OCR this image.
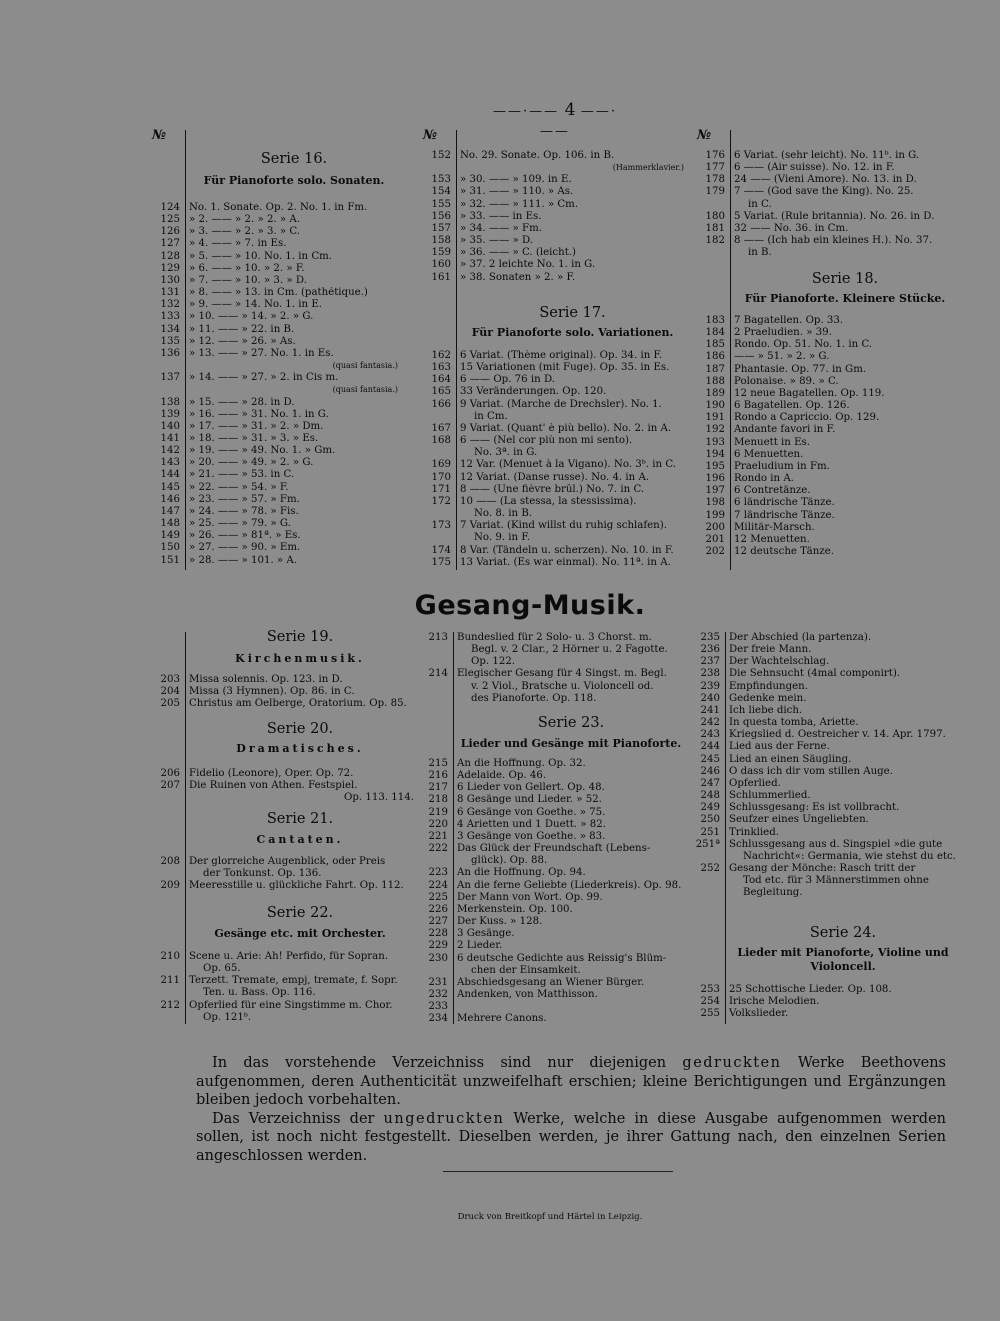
——·—— 4 ——·——
№
Serie 16.
Für Pianoforte solo. Sonaten.
124 No. 1. Sonate. Op. 2. No. 1. in Fm.
125 » 2. —— » 2. » 2. » A.
126 » 3. —— » 2. » 3. » C.
127 » 4. —— » 7. in Es.
128 » 5. —— » 10. No. 1. in Cm.
129 » 6. —— » 10. » 2. » F.
130 » 7. —— » 10. » 3. » D.
131 » 8. —— » 13. in Cm. (pathétique.)
132 » 9. —— » 14. No. 1. in E.
133 » 10. —— » 14. » 2. » G.
134 » 11. —— » 22. in B.
135 » 12. —— » 26. » As.
136 » 13. —— » 27. No. 1. in Es.
(quasi fantasia.)
137 » 14. —— » 27. » 2. in Cis m.
(quasi fantasia.)
138 » 15. —— » 28. in D.
139 » 16. —— » 31. No. 1. in G.
140 » 17. —— » 31. » 2. » Dm.
141 » 18. —— » 31. » 3. » Es.
142 » 19. —— » 49. No. 1. » Gm.
143 » 20. —— » 49. » 2. » G.
144 » 21. —— » 53. in C.
145 » 22. —— » 54. » F.
146 » 23. —— » 57. » Fm.
147 » 24. —— » 78. » Fis.
148 » 25. —— » 79. » G.
149 » 26. —— » 81ª. » Es.
150 » 27. —— » 90. » Em.
151 » 28. —— » 101. » A.
№
152 No. 29. Sonate. Op. 106. in B.
(Hammerklavier.)
153 » 30. —— » 109. in E.
154 » 31. —— » 110. » As.
155 » 32. —— » 111. » Cm.
156 » 33. —— in Es.
157 » 34. —— » Fm.
158 » 35. —— » D.
159 » 36. —— » C. (leicht.)
160 » 37. 2 leichte No. 1. in G.
161 » 38. Sonaten » 2. » F.
Serie 17.
Für Pianoforte solo. Variationen.
162 6 Variat. (Thème original). Op. 34. in F.
163 15 Variationen (mit Fuge). Op. 35. in Es.
164 6 —— Op. 76 in D.
165 33 Veränderungen. Op. 120.
166 9 Variat. (Marche de Drechsler). No. 1.
in Cm.
167 9 Variat. (Quant' è più bello). No. 2. in A.
168 6 —— (Nel cor più non mi sento).
No. 3ª. in G.
169 12 Var. (Menuet à la Vigano). No. 3ᵇ. in C.
170 12 Variat. (Danse russe). No. 4. in A.
171 8 —— (Une fièvre brûl.) No. 7. in C.
172 10 —— (La stessa, la stessissima).
No. 8. in B.
173 7 Variat. (Kind willst du ruhig schlafen).
No. 9. in F.
174 8 Var. (Tändeln u. scherzen). No. 10. in F.
175 13 Variat. (Es war einmal). No. 11ª. in A.
№
176 6 Variat. (sehr leicht). No. 11ᵇ. in G.
177 6 —— (Air suisse). No. 12. in F.
178 24 —— (Vieni Amore). No. 13. in D.
179 7 —— (God save the King). No. 25.
in C.
180 5 Variat. (Rule britannia). No. 26. in D.
181 32 —— No. 36. in Cm.
182 8 —— (Ich hab ein kleines H.). No. 37.
in B.
Serie 18.
Für Pianoforte. Kleinere Stücke.
183 7 Bagatellen. Op. 33.
184 2 Praeludien. » 39.
185 Rondo. Op. 51. No. 1. in C.
186 —— » 51. » 2. » G.
187 Phantasie. Op. 77. in Gm.
188 Polonaise. » 89. » C.
189 12 neue Bagatellen. Op. 119.
190 6 Bagatellen. Op. 126.
191 Rondo a Capriccio. Op. 129.
192 Andante favori in F.
193 Menuett in Es.
194 6 Menuetten.
195 Praeludium in Fm.
196 Rondo in A.
197 6 Contretänze.
198 6 ländrische Tänze.
199 7 ländrische Tänze.
200 Militär-Marsch.
201 12 Menuetten.
202 12 deutsche Tänze.
Gesang-Musik.
Serie 19.
Kirchenmusik.
203 Missa solennis. Op. 123. in D.
204 Missa (3 Hymnen). Op. 86. in C.
205 Christus am Oelberge, Oratorium. Op. 85.
Serie 20.
Dramatisches.
206 Fidelio (Leonore), Oper. Op. 72.
207 Die Ruinen von Athen. Festspiel.
Op. 113. 114.
Serie 21.
Cantaten.
208 Der glorreiche Augenblick, oder Preis
der Tonkunst. Op. 136.
209 Meeresstille u. glückliche Fahrt. Op. 112.
Serie 22.
Gesänge etc. mit Orchester.
210 Scene u. Arie: Ah! Perfido, für Sopran.
Op. 65.
211 Terzett. Tremate, empj, tremate, f. Sopr.
Ten. u. Bass. Op. 116.
212 Opferlied für eine Singstimme m. Chor.
Op. 121ᵇ.
213 Bundeslied für 2 Solo- u. 3 Chorst. m.
Begl. v. 2 Clar., 2 Hörner u. 2 Fagotte.
Op. 122.
214 Elegischer Gesang für 4 Singst. m. Begl.
v. 2 Viol., Bratsche u. Violoncell od.
des Pianoforte. Op. 118.
Serie 23.
Lieder und Gesänge mit Pianoforte.
215 An die Hoffnung. Op. 32.
216 Adelaide. Op. 46.
217 6 Lieder von Gellert. Op. 48.
218 8 Gesänge und Lieder. » 52.
219 6 Gesänge von Goethe. » 75.
220 4 Arietten und 1 Duett. » 82.
221 3 Gesänge von Goethe. » 83.
222 Das Glück der Freundschaft (Lebens-
glück). Op. 88.
223 An die Hoffnung. Op. 94.
224 An die ferne Geliebte (Liederkreis). Op. 98.
225 Der Mann von Wort. Op. 99.
226 Merkenstein. Op. 100.
227 Der Kuss. » 128.
228 3 Gesänge.
229 2 Lieder.
230 6 deutsche Gedichte aus Reissig's Blüm-
chen der Einsamkeit.
231 Abschiedsgesang an Wiener Bürger.
232 Andenken, von Matthisson.
233
234 Mehrere Canons.
235 Der Abschied (la partenza).
236 Der freie Mann.
237 Der Wachtelschlag.
238 Die Sehnsucht (4mal componirt).
239 Empfindungen.
240 Gedenke mein.
241 Ich liebe dich.
242 In questa tomba, Ariette.
243 Kriegslied d. Oestreicher v. 14. Apr. 1797.
244 Lied aus der Ferne.
245 Lied an einen Säugling.
246 O dass ich dir vom stillen Auge.
247 Opferlied.
248 Schlummerlied.
249 Schlussgesang: Es ist vollbracht.
250 Seufzer eines Ungeliebten.
251 Trinklied.
251ª Schlussgesang aus d. Singspiel »die gute
Nachricht«: Germania, wie stehst du etc.
252 Gesang der Mönche: Rasch tritt der
Tod etc. für 3 Männerstimmen ohne
Begleitung.
Serie 24.
Lieder mit Pianoforte, Violine und Violoncell.
253 25 Schottische Lieder. Op. 108.
254 Irische Melodien.
255 Volkslieder.

In das vorstehende Verzeichniss sind nur diejenigen gedruckten Werke Beethovens aufgenommen, deren Authenticität unzweifelhaft erschien; kleine Berichtigungen und Ergänzungen bleiben jedoch vorbehalten.

Das Verzeichniss der ungedruckten Werke, welche in diese Ausgabe aufgenommen werden sollen, ist noch nicht festgestellt. Dieselben werden, je ihrer Gattung nach, den einzelnen Serien angeschlossen werden.

Druck von Breitkopf und Härtel in Leipzig.
